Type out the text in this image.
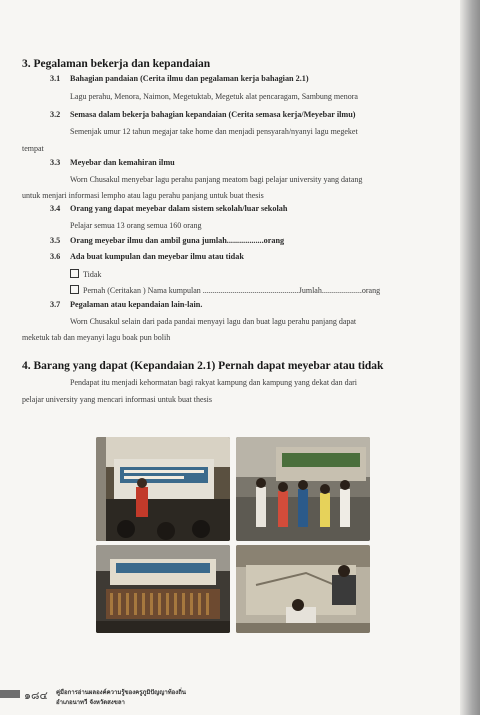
3. Pegalaman bekerja dan kepandaian
3.1 Bahagian pandaian (Cerita ilmu dan pegalaman kerja bahagian 2.1)
Lagu perahu, Menora, Naimon, Megetuktab, Megetuk alat pencaragam, Sambung menora
3.2 Semasa dalam bekerja bahagian kepandaian (Cerita semasa kerja/Meyebar ilmu)
Semenjak umur 12 tahun megajar take home dan menjadi pensyarah/nyanyi lagu megeket
tempat
3.3 Meyebar dan kemahiran ilmu
Worn Chusakul menyebar lagu perahu panjang meatom bagi pelajar university yang datang
untuk menjari informasi lempho atau lagu perahu panjang untuk buat thesis
3.4 Orang yang dapat meyebar dalam sistem sekolah/luar sekolah
Pelajar semua 13 orang semua 160 orang
3.5 Orang meyebar ilmu dan ambil guna jumlah..................orang
3.6 Ada buat kumpulan dan meyebar ilmu atau tidak
Tidak
Pernah (Ceritakan ) Nama kumpulan ................................................Jumlah....................orang
3.7 Pegalaman atau kepandaian lain-lain.
Worn Chusakul selain dari pada pandai menyayi lagu dan buat lagu perahu panjang dapat
meketuk tab dan meyanyi lagu boak pun bolih
4. Barang yang dapat (Kepandaian 2.1) Pernah dapat meyebar atau tidak
Pendapat itu menjadi kehormatan bagi rakyat kampung dan kampung yang dekat dan dari
pelajar university yang mencari informasi untuk buat thesis
๑๘๔ คู่มือการอ่านผลองค์ความรู้ของครูภูมิปัญญาท้องถิ่น
อำเภอนาทวี จังหวัดสงขลา
